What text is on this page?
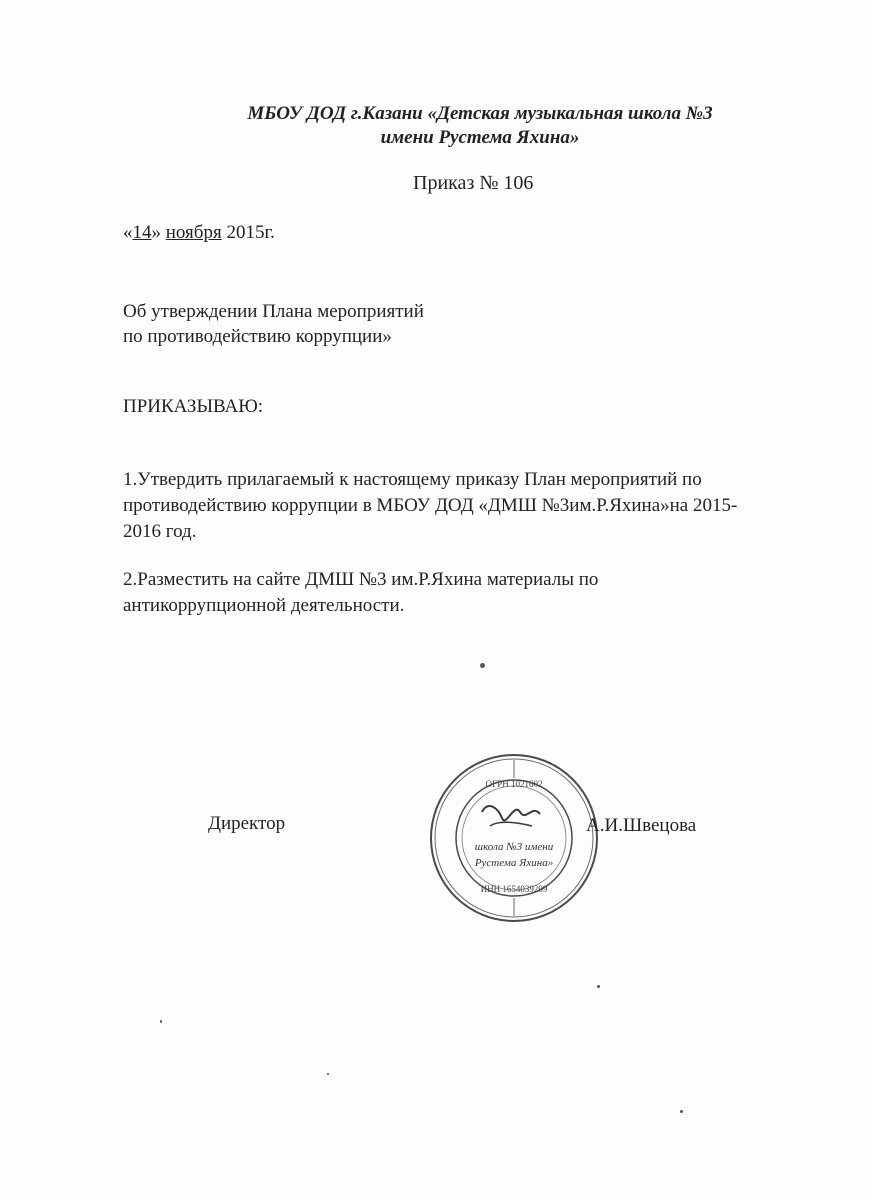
МБОУ ДОД г.Казани «Детская музыкальная школа №3
имени Рустема Яхина»
Приказ № 106
«14» ноября 2015г.
Об утверждении Плана мероприятий
по противодействию коррупции»
ПРИКАЗЫВАЮ:
1.Утвердить прилагаемый к настоящему приказу План мероприятий по
противодействию коррупции в МБОУ ДОД «ДМШ №3им.Р.Яхина»на 2015-
2016 год.
2.Разместить на сайте ДМШ №3 им.Р.Яхина материалы по
антикоррупционной деятельности.
Директор
ОГРН 1021602
школа №3 имени
Рустема Яхина»
ИНН 1654039209
А.И.Швецова
